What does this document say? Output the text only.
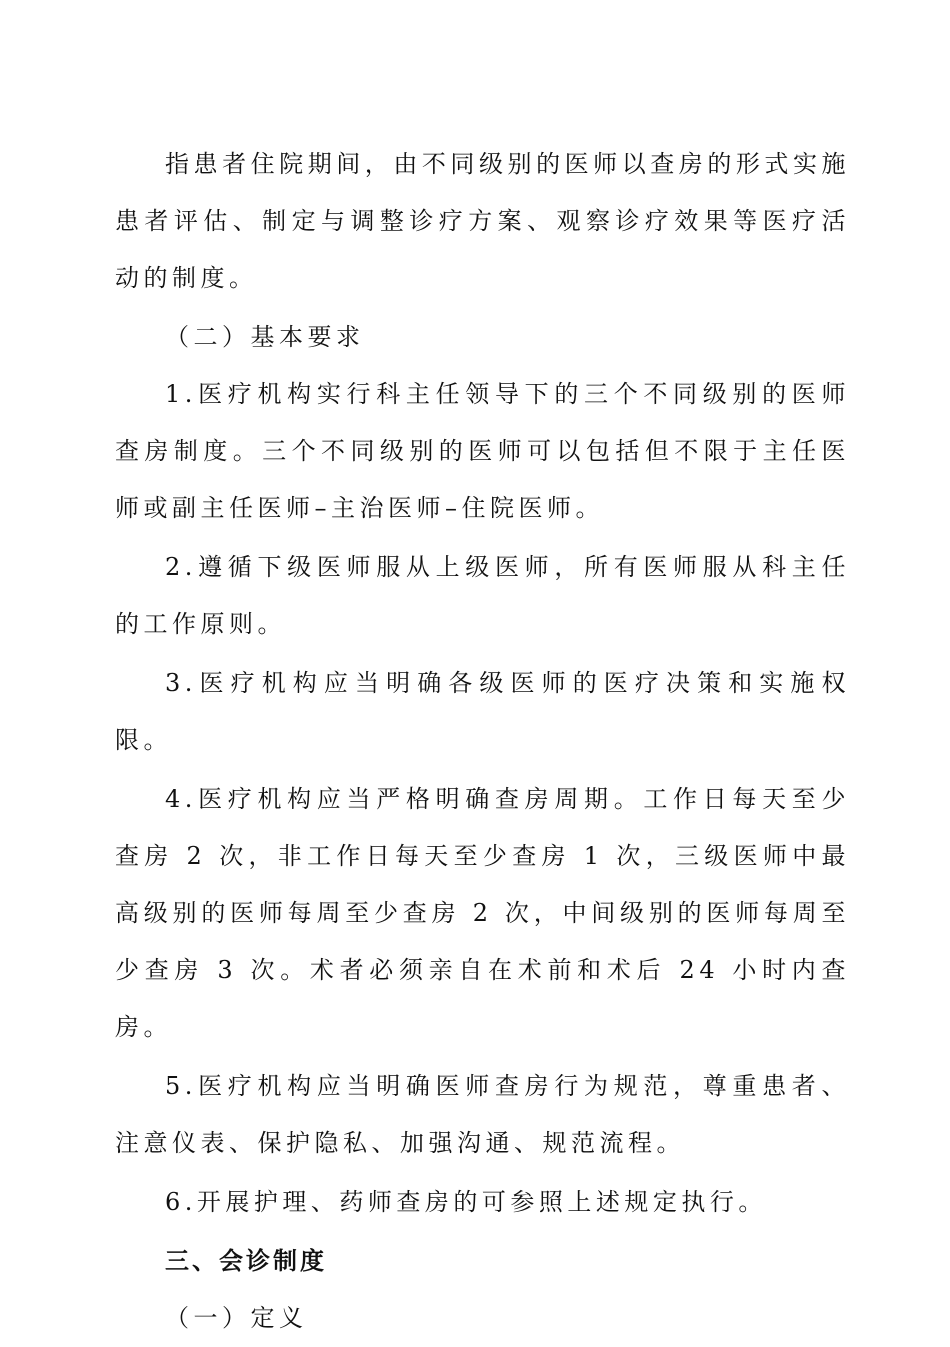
指患者住院期间，由不同级别的医师以查房的形式实施患者评估、制定与调整诊疗方案、观察诊疗效果等医疗活动的制度。

（二）基本要求

1.医疗机构实行科主任领导下的三个不同级别的医师查房制度。三个不同级别的医师可以包括但不限于主任医师或副主任医师–主治医师–住院医师。

2.遵循下级医师服从上级医师，所有医师服从科主任的工作原则。

3.医疗机构应当明确各级医师的医疗决策和实施权限。

4.医疗机构应当严格明确查房周期。工作日每天至少查房 2 次，非工作日每天至少查房 1 次，三级医师中最高级别的医师每周至少查房 2 次，中间级别的医师每周至少查房 3 次。术者必须亲自在术前和术后 24 小时内查房。

5.医疗机构应当明确医师查房行为规范，尊重患者、注意仪表、保护隐私、加强沟通、规范流程。

6.开展护理、药师查房的可参照上述规定执行。

三、会诊制度

（一）定义
